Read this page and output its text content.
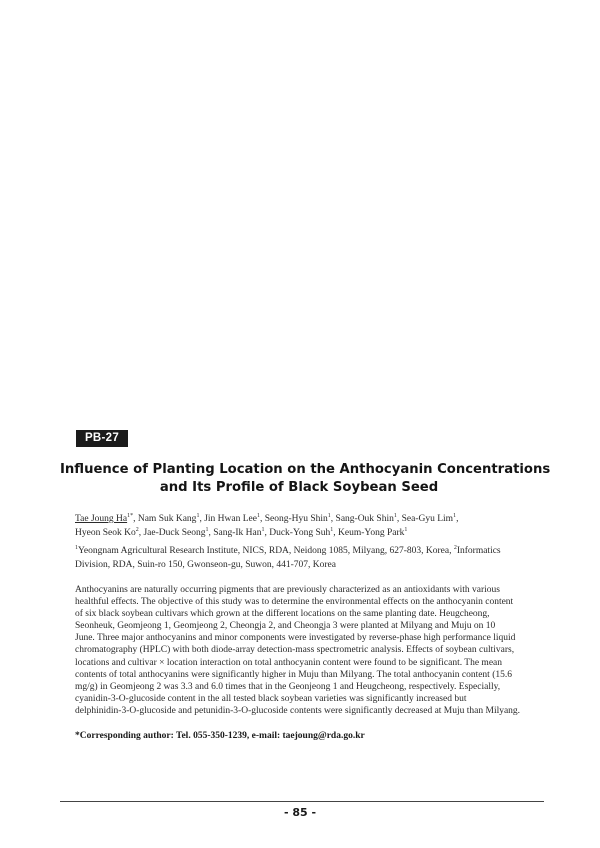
PB-27
Influence of Planting Location on the Anthocyanin Concentrations
and Its Profile of Black Soybean Seed
Tae Joung $Ha^{1*}$, Nam Suk Kang$^1$, Jin Hwan Lee$^1$, Seong-Hyu Shin$^1$, Sang-Ouk Shin$^1$, Sea-Gyu Lim$^1$,
Hyeon Seok Ko$^2$, Jae-Duck Seong$^1$, Sang-Ik Han$^1$, Duck-Yong Suh$^1$, Keum-Yong Park$^1$
$^1$Yeongnam Agricultural Research Institute, NICS, RDA, Neidong 1085, Milyang, 627-803, Korea, $^2$Informatics
Division, RDA, Suin-ro 150, Gwonseon-gu, Suwon, 441-707, Korea
Anthocyanins are naturally occurring pigments that are previously characterized as an antioxidants with various
healthful effects. The objective of this study was to determine the environmental effects on the anthocyanin content
of six black soybean cultivars which grown at the different locations on the same planting date. Heugcheong,
Seonheuk, Geomjeong 1, Geomjeong 2, Cheongja 2, and Cheongja 3 were planted at Milyang and Muju on 10
June. Three major anthocyanins and minor components were investigated by reverse-phase high performance liquid
chromatography (HPLC) with both diode-array detection-mass spectrometric analysis. Effects of soybean cultivars,
locations and cultivar × location interaction on total anthocyanin content were found to be significant. The mean
contents of total anthocyanins were significantly higher in Muju than Milyang. The total anthocyanin content (15.6
mg/g) in Geomjeong 2 was 3.3 and 6.0 times that in the Geonjeong 1 and Heugcheong, respectively. Especially,
cyanidin-3-O-glucoside content in the all tested black soybean varieties was significantly increased but
delphinidin-3-O-glucoside and petunidin-3-O-glucoside contents were significantly decreased at Muju than Milyang.
*Corresponding author: Tel. 055-350-1239, e-mail: taejoung@rda.go.kr
- 85 -
